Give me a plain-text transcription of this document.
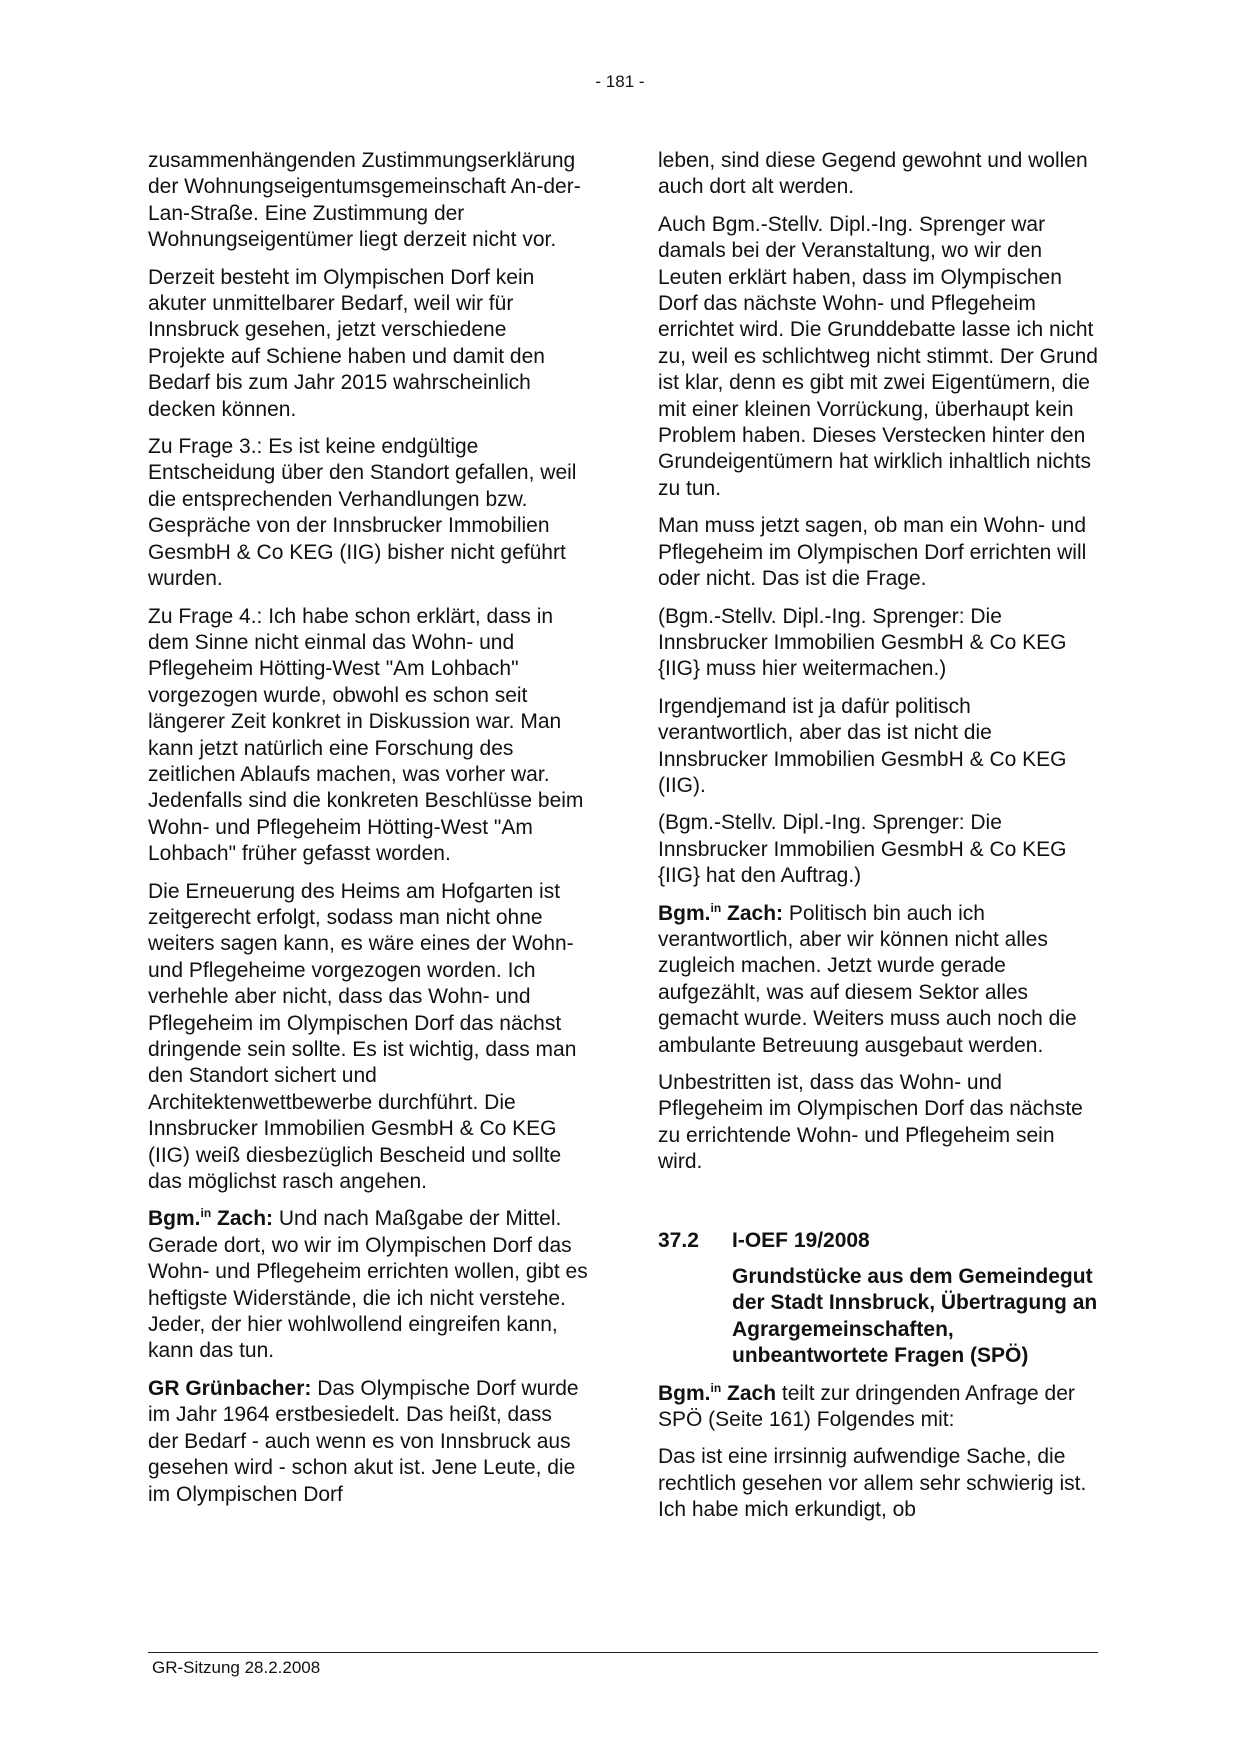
- 181 -

zusammenhängenden Zustimmungserklärung der Wohnungseigentumsgemeinschaft An-der-Lan-Straße. Eine Zustimmung der Wohnungseigentümer liegt derzeit nicht vor.

Derzeit besteht im Olympischen Dorf kein akuter unmittelbarer Bedarf, weil wir für Innsbruck gesehen, jetzt verschiedene Projekte auf Schiene haben und damit den Bedarf bis zum Jahr 2015 wahrscheinlich decken können.

Zu Frage 3.: Es ist keine endgültige Entscheidung über den Standort gefallen, weil die entsprechenden Verhandlungen bzw. Gespräche von der Innsbrucker Immobilien GesmbH & Co KEG (IIG) bisher nicht geführt wurden.

Zu Frage 4.: Ich habe schon erklärt, dass in dem Sinne nicht einmal das Wohn- und Pflegeheim Hötting-West "Am Lohbach" vorgezogen wurde, obwohl es schon seit längerer Zeit konkret in Diskussion war. Man kann jetzt natürlich eine Forschung des zeitlichen Ablaufs machen, was vorher war. Jedenfalls sind die konkreten Beschlüsse beim Wohn- und Pflegeheim Hötting-West "Am Lohbach" früher gefasst worden.

Die Erneuerung des Heims am Hofgarten ist zeitgerecht erfolgt, sodass man nicht ohne weiters sagen kann, es wäre eines der Wohn- und Pflegeheime vorgezogen worden. Ich verhehle aber nicht, dass das Wohn- und Pflegeheim im Olympischen Dorf das nächst dringende sein sollte. Es ist wichtig, dass man den Standort sichert und Architektenwettbewerbe durchführt. Die Innsbrucker Immobilien GesmbH & Co KEG (IIG) weiß diesbezüglich Bescheid und sollte das möglichst rasch angehen.

Bgm.$^{in}$ Zach: Und nach Maßgabe der Mittel. Gerade dort, wo wir im Olympischen Dorf das Wohn- und Pflegeheim errichten wollen, gibt es heftigste Widerstände, die ich nicht verstehe. Jeder, der hier wohlwollend eingreifen kann, kann das tun.

GR Grünbacher: Das Olympische Dorf wurde im Jahr 1964 erstbesiedelt. Das heißt, dass der Bedarf - auch wenn es von Innsbruck aus gesehen wird - schon akut ist. Jene Leute, die im Olympischen Dorf

leben, sind diese Gegend gewohnt und wollen auch dort alt werden.

Auch Bgm.-Stellv. Dipl.-Ing. Sprenger war damals bei der Veranstaltung, wo wir den Leuten erklärt haben, dass im Olympischen Dorf das nächste Wohn- und Pflegeheim errichtet wird. Die Grunddebatte lasse ich nicht zu, weil es schlichtweg nicht stimmt. Der Grund ist klar, denn es gibt mit zwei Eigentümern, die mit einer kleinen Vorrückung, überhaupt kein Problem haben. Dieses Verstecken hinter den Grundeigentümern hat wirklich inhaltlich nichts zu tun.

Man muss jetzt sagen, ob man ein Wohn- und Pflegeheim im Olympischen Dorf errichten will oder nicht. Das ist die Frage.

(Bgm.-Stellv. Dipl.-Ing. Sprenger: Die Innsbrucker Immobilien GesmbH & Co KEG {IIG} muss hier weitermachen.)

Irgendjemand ist ja dafür politisch verantwortlich, aber das ist nicht die Innsbrucker Immobilien GesmbH & Co KEG (IIG).

(Bgm.-Stellv. Dipl.-Ing. Sprenger: Die Innsbrucker Immobilien GesmbH & Co KEG {IIG} hat den Auftrag.)

Bgm.$^{in}$ Zach: Politisch bin auch ich verantwortlich, aber wir können nicht alles zugleich machen. Jetzt wurde gerade aufgezählt, was auf diesem Sektor alles gemacht wurde. Weiters muss auch noch die ambulante Betreuung ausgebaut werden.

Unbestritten ist, dass das Wohn- und Pflegeheim im Olympischen Dorf das nächste zu errichtende Wohn- und Pflegeheim sein wird.

37.2	I-OEF 19/2008
Grundstücke aus dem Gemeindegut der Stadt Innsbruck, Übertragung an Agrargemeinschaften, unbeantwortete Fragen (SPÖ)

Bgm.$^{in}$ Zach teilt zur dringenden Anfrage der SPÖ (Seite 161) Folgendes mit:

Das ist eine irrsinnig aufwendige Sache, die rechtlich gesehen vor allem sehr schwierig ist. Ich habe mich erkundigt, ob

GR-Sitzung 28.2.2008
